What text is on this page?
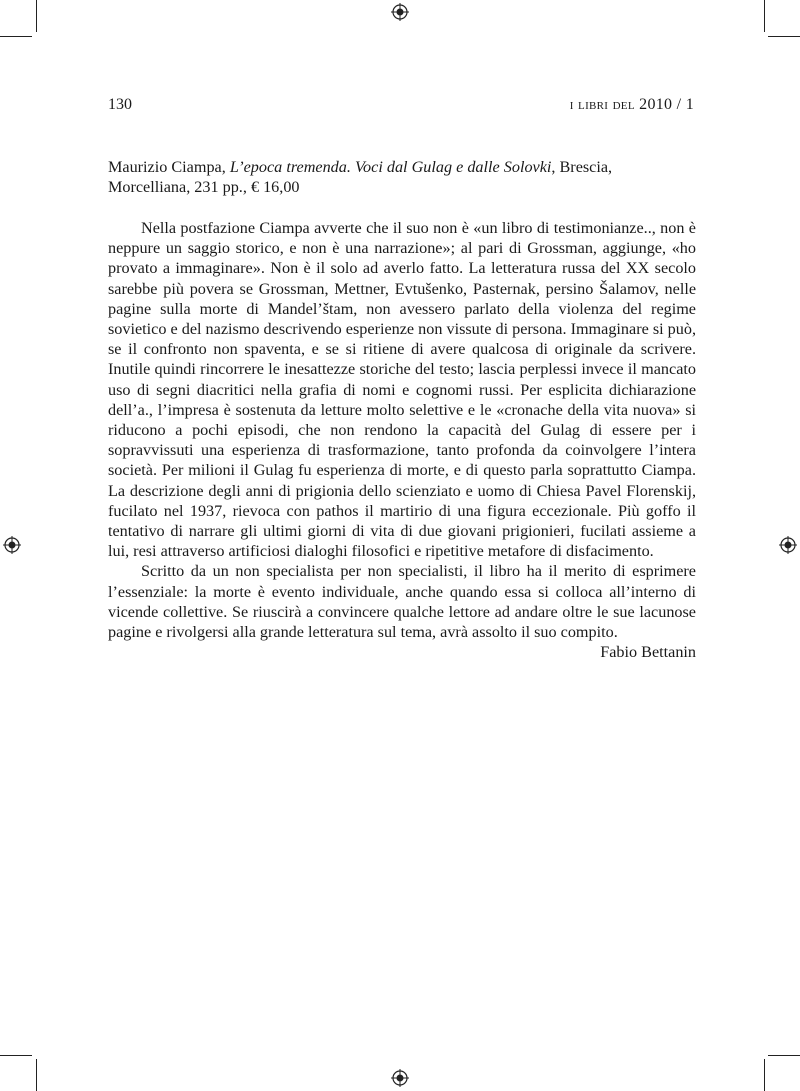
130	i libri del 2010 / 1
Maurizio Ciampa, L’epoca tremenda. Voci dal Gulag e dalle Solovki, Brescia, Morcelliana, 231 pp., € 16,00

Nella postfazione Ciampa avverte che il suo non è «un libro di testimonianze.., non è neppure un saggio storico, e non è una narrazione»; al pari di Grossman, aggiunge, «ho provato a immaginare». Non è il solo ad averlo fatto. La letteratura russa del XX secolo sarebbe più povera se Grossman, Mettner, Evtušenko, Pasternak, persino Šalamov, nelle pagine sulla morte di Mandel’štam, non avessero parlato della violenza del regime sovietico e del nazismo descrivendo esperienze non vissute di persona. Immaginare si può, se il confronto non spaventa, e se si ritiene di avere qualcosa di originale da scrivere. Inutile quindi rincorrere le inesattezze storiche del testo; lascia perplessi invece il mancato uso di segni diacritici nella grafia di nomi e cognomi russi. Per esplicita dichiarazione dell’a., l’impresa è sostenuta da letture molto selettive e le «cronache della vita nuova» si riducono a pochi episodi, che non rendono la capacità del Gulag di essere per i sopravvissuti una esperienza di trasformazione, tanto profonda da coinvolgere l’intera società. Per milioni il Gulag fu esperienza di morte, e di questo parla soprattutto Ciampa. La descrizione degli anni di prigionia dello scienziato e uomo di Chiesa Pavel Florenskij, fucilato nel 1937, rievoca con pathos il martirio di una figura eccezionale. Più goffo il tentativo di narrare gli ultimi giorni di vita di due giovani prigionieri, fucilati assieme a lui, resi attraverso artificiosi dialoghi filosofici e ripetitive metafore di disfacimento.

Scritto da un non specialista per non specialisti, il libro ha il merito di esprimere l’essenziale: la morte è evento individuale, anche quando essa si colloca all’interno di vicende collettive. Se riuscirà a convincere qualche lettore ad andare oltre le sue lacunose pagine e rivolgersi alla grande letteratura sul tema, avrà assolto il suo compito.

Fabio Bettanin
